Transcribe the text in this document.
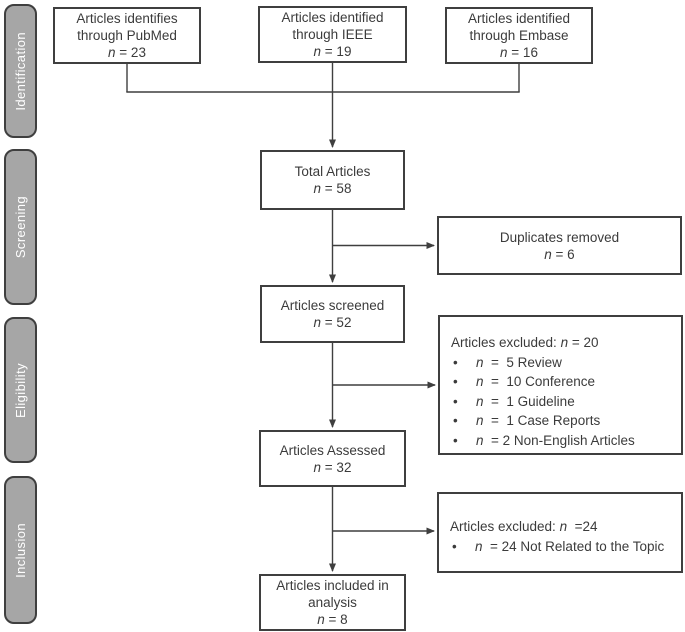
Identification
Screening
Eligibility
Inclusion
Articles identifies
through PubMed
n = 23
Articles identified
through IEEE
n = 19
Articles identified
through Embase
n = 16
Total Articles
n = 58
Duplicates removed
n = 6
Articles screened
n = 52
Articles excluded: n = 20
•	n  =  5 Review
•	n  =  10 Conference
•	n  =  1 Guideline
•	n  =  1 Case Reports
•	n  = 2 Non-English Articles
Articles Assessed
n = 32
Articles excluded: n  =24
•	n  = 24 Not Related to the Topic
Articles included in
analysis
n = 8
